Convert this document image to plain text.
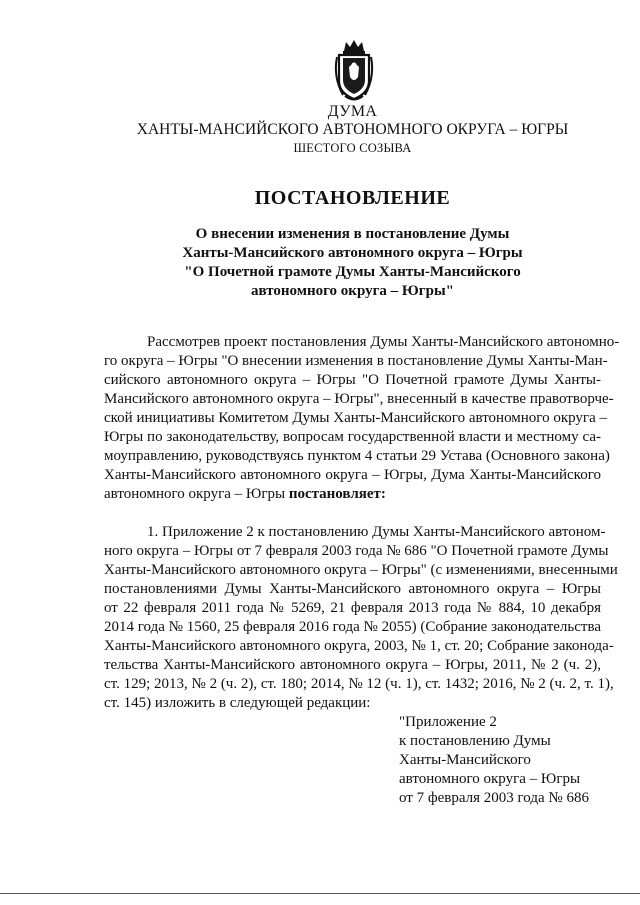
ДУМА
ХАНТЫ-МАНСИЙСКОГО АВТОНОМНОГО ОКРУГА – ЮГРЫ
ШЕСТОГО СОЗЫВА
ПОСТАНОВЛЕНИЕ
О внесении изменения в постановление Думы
Ханты-Мансийского автономного округа – Югры
"О Почетной грамоте Думы Ханты-Мансийского
автономного округа – Югры"
Рассмотрев проект постановления Думы Ханты-Мансийского автономно-
го округа – Югры "О внесении изменения в постановление Думы Ханты-Ман-
сийского автономного округа – Югры "О Почетной грамоте Думы Ханты-
Мансийского автономного округа – Югры", внесенный в качестве правотворче-
ской инициативы Комитетом Думы Ханты-Мансийского автономного округа –
Югры по законодательству, вопросам государственной власти и местному са-
моуправлению, руководствуясь пунктом 4 статьи 29 Устава (Основного закона)
Ханты-Мансийского автономного округа – Югры, Дума Ханты-Мансийского
автономного округа – Югры постановляет:
1. Приложение 2 к постановлению Думы Ханты-Мансийского автоном-
ного округа – Югры от 7 февраля 2003 года № 686 "О Почетной грамоте Думы
Ханты-Мансийского автономного округа – Югры" (с изменениями, внесенными
постановлениями Думы Ханты-Мансийского автономного округа – Югры
от 22 февраля 2011 года № 5269, 21 февраля 2013 года № 884, 10 декабря
2014 года № 1560, 25 февраля 2016 года № 2055) (Собрание законодательства
Ханты-Мансийского автономного округа, 2003, № 1, ст. 20; Собрание законода-
тельства Ханты-Мансийского автономного округа – Югры, 2011, № 2 (ч. 2),
ст. 129; 2013, № 2 (ч. 2), ст. 180; 2014, № 12 (ч. 1), ст. 1432; 2016, № 2 (ч. 2, т. 1),
ст. 145) изложить в следующей редакции:
"Приложение 2
к постановлению Думы
Ханты-Мансийского
автономного округа – Югры
от 7 февраля 2003 года № 686
